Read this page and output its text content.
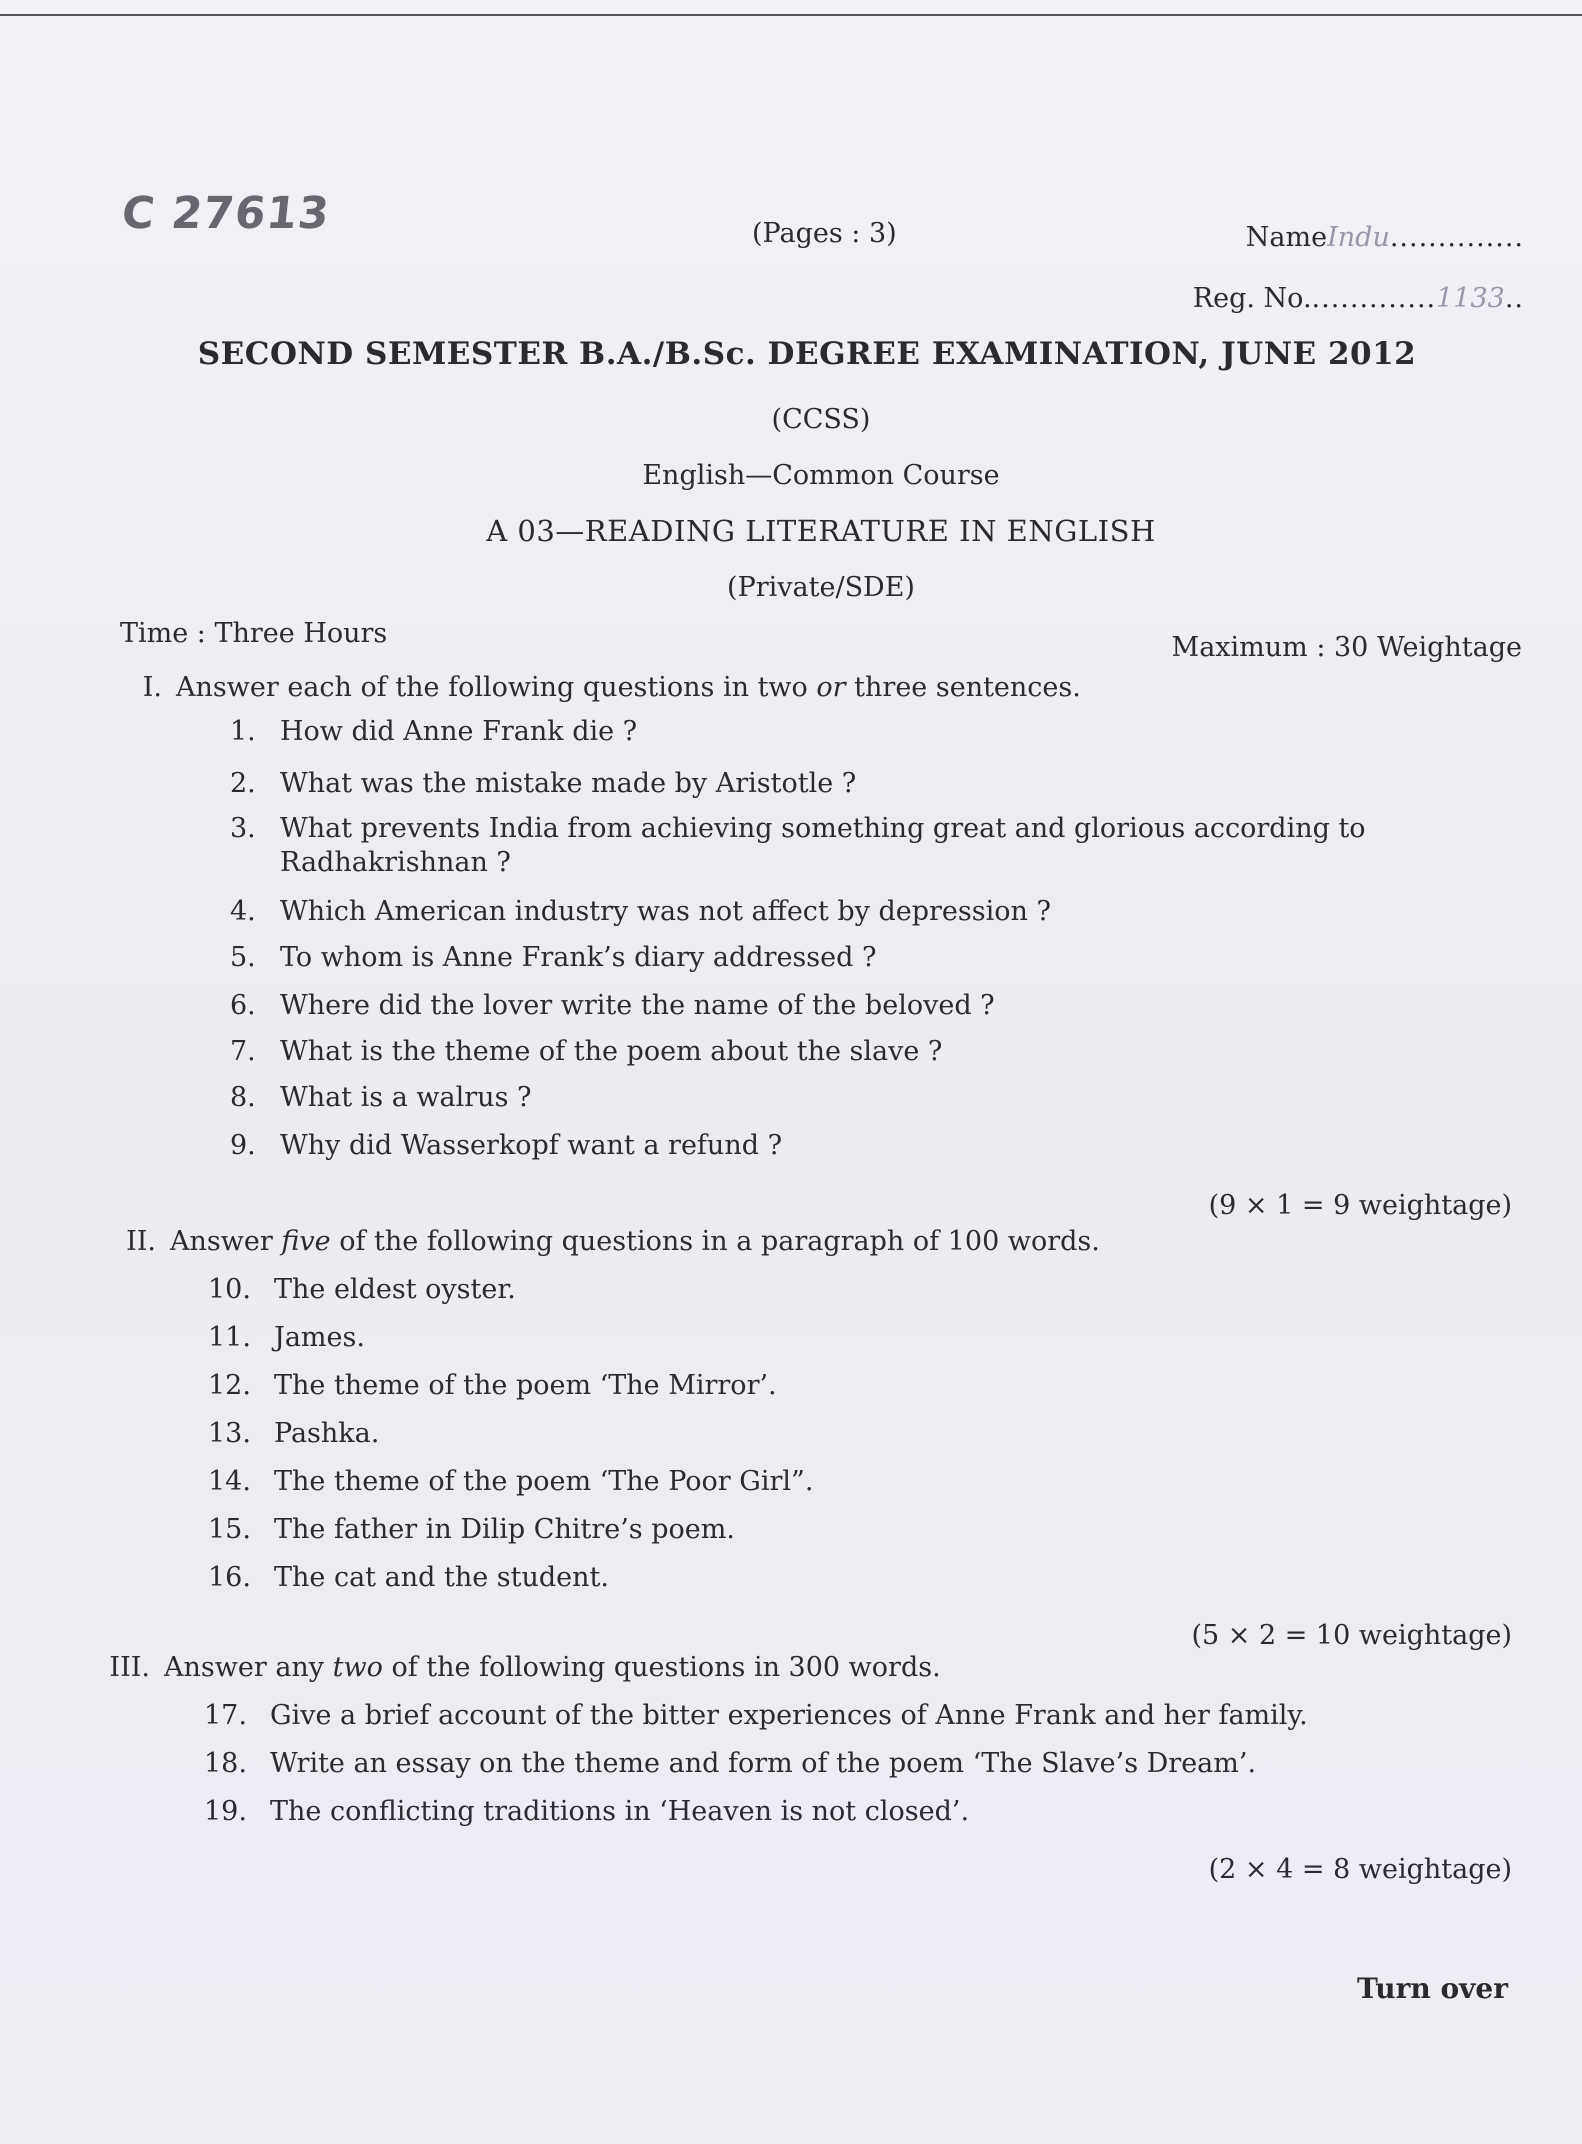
C 27613	(Pages : 3)	NameIndu..............
Reg. No..............1133..
SECOND SEMESTER B.A./B.Sc. DEGREE EXAMINATION, JUNE 2012
(CCSS)
English—Common Course
A 03—READING LITERATURE IN ENGLISH
(Private/SDE)
Time : Three Hours	Maximum : 30 Weightage
I. Answer each of the following questions in two or three sentences.
1. How did Anne Frank die ?
2. What was the mistake made by Aristotle ?
3. What prevents India from achieving something great and glorious according to
Radhakrishnan ?
4. Which American industry was not affect by depression ?
5. To whom is Anne Frank’s diary addressed ?
6. Where did the lover write the name of the beloved ?
7. What is the theme of the poem about the slave ?
8. What is a walrus ?
9. Why did Wasserkopf want a refund ?
(9 × 1 = 9 weightage)
II. Answer five of the following questions in a paragraph of 100 words.
10. The eldest oyster.
11. James.
12. The theme of the poem ‘The Mirror’.
13. Pashka.
14. The theme of the poem ‘The Poor Girl”.
15. The father in Dilip Chitre’s poem.
16. The cat and the student.
(5 × 2 = 10 weightage)
III. Answer any two of the following questions in 300 words.
17. Give a brief account of the bitter experiences of Anne Frank and her family.
18. Write an essay on the theme and form of the poem ‘The Slave’s Dream’.
19. The conflicting traditions in ‘Heaven is not closed’.
(2 × 4 = 8 weightage)
Turn over
